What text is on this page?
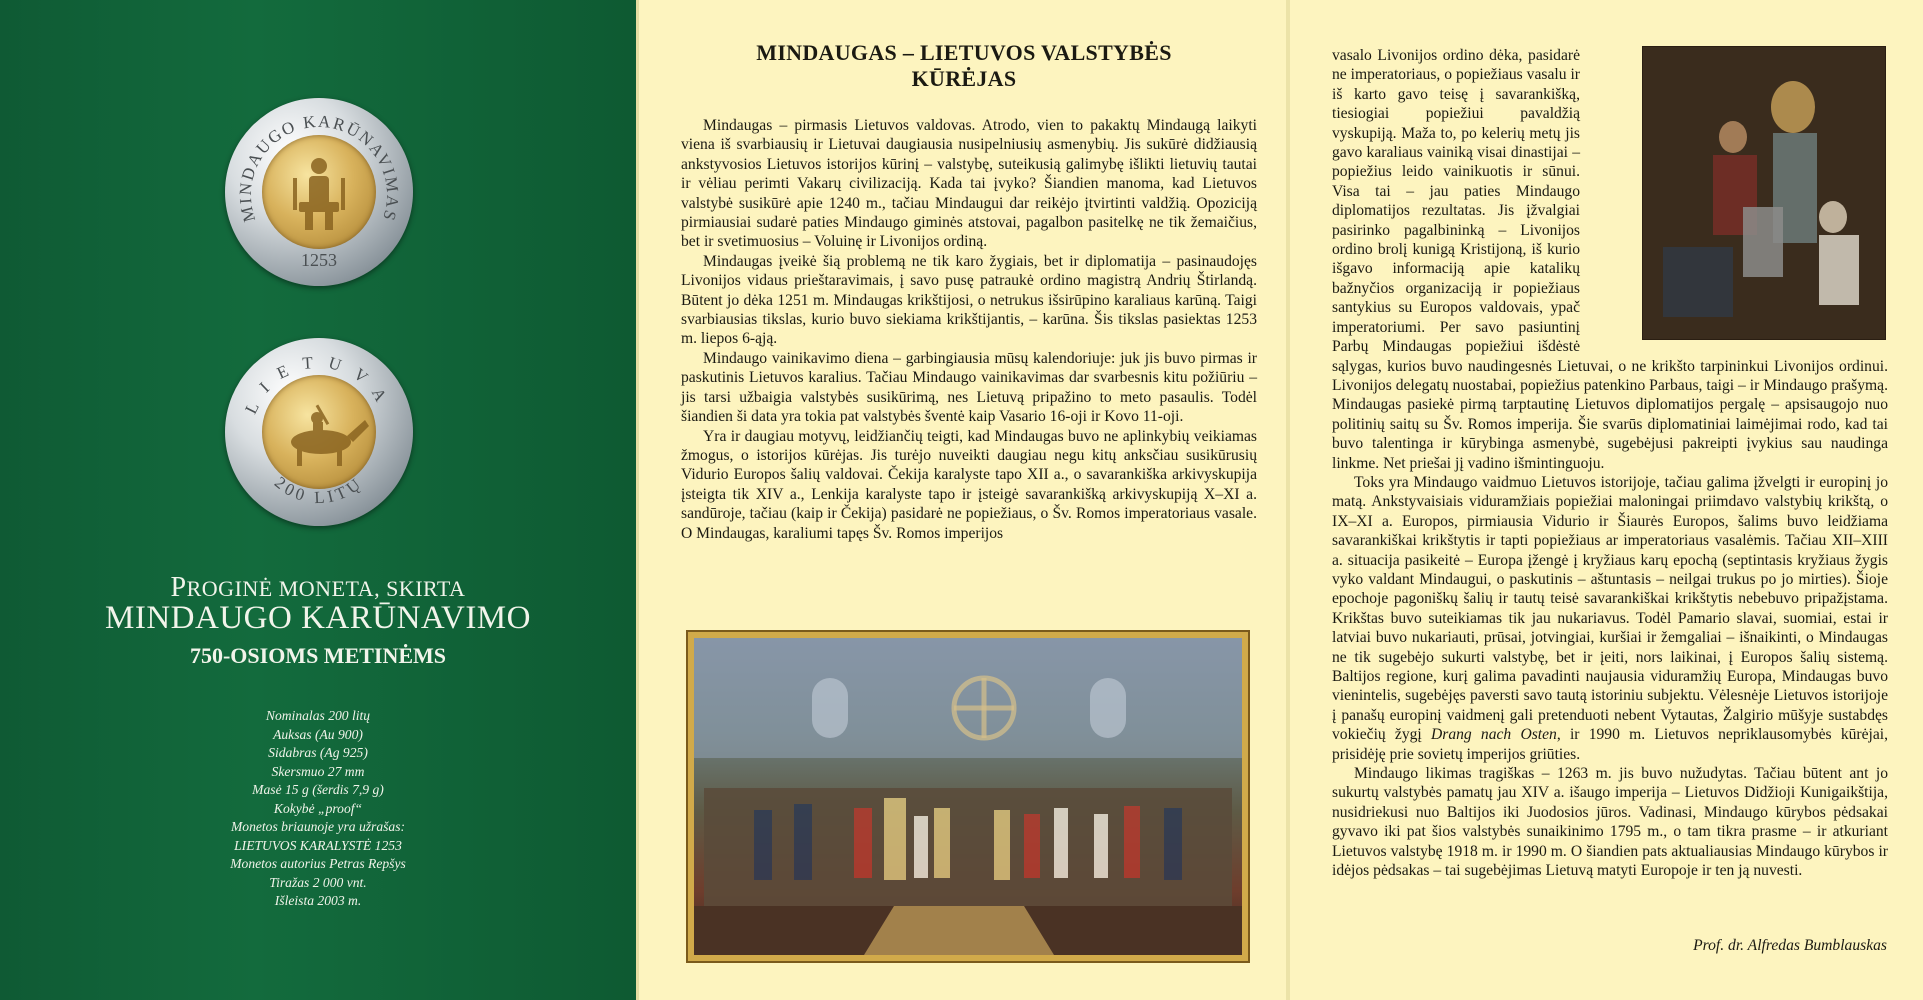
MINDAUGO KARŪNAVIMAS
1253
LIETUVA
200 LITŲ
PROGINĖ MONETA, SKIRTA
MINDAUGO KARŪNAVIMO
750-OSIOMS METINĖMS
Nominalas 200 litų
Auksas (Au 900)
Sidabras (Ag 925)
Skersmuo 27 mm
Masė 15 g (šerdis 7,9 g)
Kokybė „proof“
Monetos briaunoje yra užrašas:
LIETUVOS KARALYSTĖ 1253
Monetos autorius Petras Repšys
Tiražas 2 000 vnt.
Išleista 2003 m.
MINDAUGAS – LIETUVOS VALSTYBĖS
KŪRĖJAS

Mindaugas – pirmasis Lietuvos valdovas. Atrodo, vien to pakaktų Mindaugą laikyti viena iš svarbiausių ir Lietuvai daugiausia nusipelniusių asmenybių. Jis sukūrė didžiausią ankstyvosios Lietuvos istorijos kūrinį – valstybę, suteikusią galimybę išlikti lietuvių tautai ir vėliau perimti Vakarų civilizaciją. Kada tai įvyko? Šiandien manoma, kad Lietuvos valstybė susikūrė apie 1240 m., tačiau Mindaugui dar reikėjo įtvirtinti valdžią. Opoziciją pirmiausiai sudarė paties Mindaugo giminės atstovai, pagalbon pasitelkę ne tik žemaičius, bet ir svetimuosius – Voluinę ir Livonijos ordiną.

Mindaugas įveikė šią problemą ne tik karo žygiais, bet ir diplomatija – pasinaudojęs Livonijos vidaus prieštaravimais, į savo pusę patraukė ordino magistrą Andrių Štirlandą. Būtent jo dėka 1251 m. Mindaugas krikštijosi, o netrukus išsirūpino karaliaus karūną. Taigi svarbiausias tikslas, kurio buvo siekiama krikštijantis, – karūna. Šis tikslas pasiektas 1253 m. liepos 6-ąją.

Mindaugo vainikavimo diena – garbingiausia mūsų kalendoriuje: juk jis buvo pirmas ir paskutinis Lietuvos karalius. Tačiau Mindaugo vainikavimas dar svarbesnis kitu požiūriu – jis tarsi užbaigia valstybės susikūrimą, nes Lietuvą pripažino to meto pasaulis. Todėl šiandien ši data yra tokia pat valstybės šventė kaip Vasario 16-oji ir Kovo 11-oji.

Yra ir daugiau motyvų, leidžiančių teigti, kad Mindaugas buvo ne aplinkybių veikiamas žmogus, o istorijos kūrėjas. Jis turėjo nuveikti daugiau negu kitų anksčiau susikūrusių Vidurio Europos šalių valdovai. Čekija karalyste tapo XII a., o savarankiška arkivyskupija įsteigta tik XIV a., Lenkija karalyste tapo ir įsteigė savarankišką arkivyskupiją X–XI a. sandūroje, tačiau (kaip ir Čekija) pasidarė ne popiežiaus, o Šv. Romos imperatoriaus vasale. O Mindaugas, karaliumi tapęs Šv. Romos imperijos

vasalo Livonijos ordino dėka, pasidarė ne imperatoriaus, o popiežiaus vasalu ir iš karto gavo teisę į savarankišką, tiesiogiai popiežiui pavaldžią vyskupiją. Maža to, po kelerių metų jis gavo karaliaus vainiką visai dinastijai – popiežius leido vainikuotis ir sūnui. Visa tai – jau paties Mindaugo diplomatijos rezultatas. Jis įžvalgiai pasirinko pagalbininką – Livonijos ordino brolį kunigą Kristijoną, iš kurio išgavo informaciją apie katalikų bažnyčios organizaciją ir popiežiaus santykius su Europos valdovais, ypač imperatoriumi. Per savo pasiuntinį Parbų Mindaugas popiežiui išdėstė sąlygas, kurios buvo naudingesnės Lietuvai, o ne krikšto tarpininkui Livonijos ordinui. Livonijos delegatų nuostabai, popiežius patenkino Parbaus, taigi – ir Mindaugo prašymą. Mindaugas pasiekė pirmą tarptautinę Lietuvos diplomatijos pergalę – apsisaugojo nuo politinių saitų su Šv. Romos imperija. Šie svarūs diplomatiniai laimėjimai rodo, kad tai buvo talentinga ir kūrybinga asmenybė, sugebėjusi pakreipti įvykius sau naudinga linkme. Net priešai jį vadino išmintinguoju.

Toks yra Mindaugo vaidmuo Lietuvos istorijoje, tačiau galima įžvelgti ir europinį jo matą. Ankstyvaisiais viduramžiais popiežiai maloningai priimdavo valstybių krikštą, o IX–XI a. Europos, pirmiausia Vidurio ir Šiaurės Europos, šalims buvo leidžiama savarankiškai krikštytis ir tapti popiežiaus ar imperatoriaus vasalėmis. Tačiau XII–XIII a. situacija pasikeitė – Europa įžengė į kryžiaus karų epochą (septintasis kryžiaus žygis vyko valdant Mindaugui, o paskutinis – aštuntasis – neilgai trukus po jo mirties). Šioje epochoje pagoniškų šalių ir tautų teisė savarankiškai krikštytis nebebuvo pripažįstama. Krikštas buvo suteikiamas tik jau nukariavus. Todėl Pamario slavai, suomiai, estai ir latviai buvo nukariauti, prūsai, jotvingiai, kuršiai ir žemgaliai – išnaikinti, o Mindaugas ne tik sugebėjo sukurti valstybę, bet ir įeiti, nors laikinai, į Europos šalių sistemą. Baltijos regione, kurį galima pavadinti naujausia viduramžių Europa, Mindaugas buvo vienintelis, sugebėjęs paversti savo tautą istoriniu subjektu. Vėlesnėje Lietuvos istorijoje į panašų europinį vaidmenį gali pretenduoti nebent Vytautas, Žalgirio mūšyje sustabdęs vokiečių žygį Drang nach Osten, ir 1990 m. Lietuvos nepriklausomybės kūrėjai, prisidėję prie sovietų imperijos griūties.

Mindaugo likimas tragiškas – 1263 m. jis buvo nužudytas. Tačiau būtent ant jo sukurtų valstybės pamatų jau XIV a. išaugo imperija – Lietuvos Didžioji Kunigaikštija, nusidriekusi nuo Baltijos iki Juodosios jūros. Vadinasi, Mindaugo kūrybos pėdsakai gyvavo iki pat šios valstybės sunaikinimo 1795 m., o tam tikra prasme – ir atkuriant Lietuvos valstybę 1918 m. ir 1990 m. O šiandien pats aktualiausias Mindaugo kūrybos ir idėjos pėdsakas – tai sugebėjimas Lietuvą matyti Europoje ir ten ją nuvesti.

Prof. dr. Alfredas Bumblauskas
